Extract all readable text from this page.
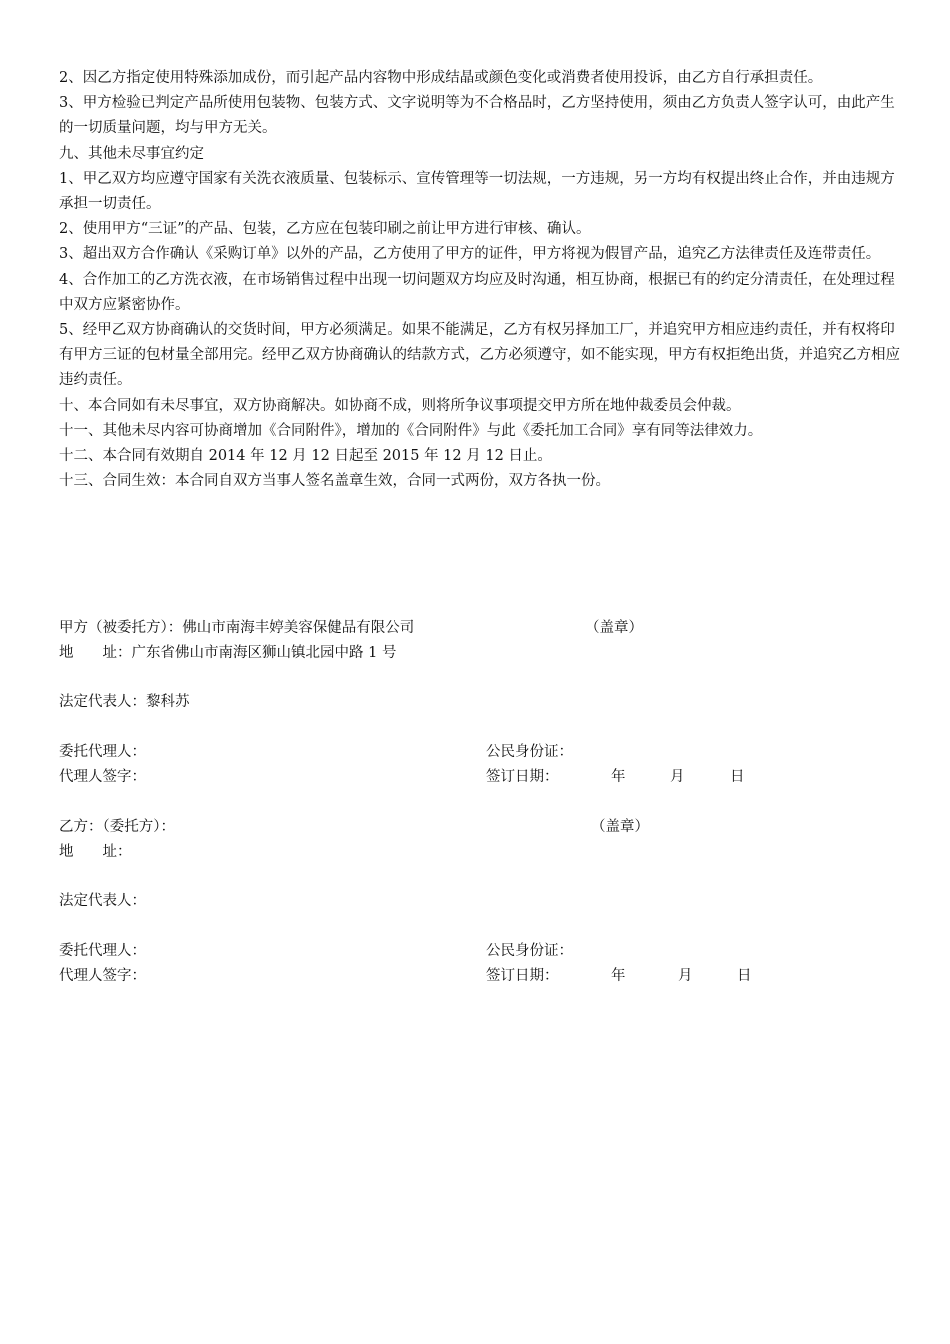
2、因乙方指定使用特殊添加成份，而引起产品内容物中形成结晶或颜色变化或消费者使用投诉，由乙方自行承担责任。

3、甲方检验已判定产品所使用包装物、包装方式、文字说明等为不合格品时，乙方坚持使用，须由乙方负责人签字认可，由此产生的一切质量问题，均与甲方无关。

九、其他未尽事宜约定

1、甲乙双方均应遵守国家有关洗衣液质量、包装标示、宣传管理等一切法规，一方违规，另一方均有权提出终止合作，并由违规方承担一切责任。

2、使用甲方“三证”的产品、包装，乙方应在包装印刷之前让甲方进行审核、确认。

3、超出双方合作确认《采购订单》以外的产品，乙方使用了甲方的证件，甲方将视为假冒产品，追究乙方法律责任及连带责任。

4、合作加工的乙方洗衣液，在市场销售过程中出现一切问题双方均应及时沟通，相互协商，根据已有的约定分清责任，在处理过程中双方应紧密协作。

5、经甲乙双方协商确认的交货时间，甲方必须满足。如果不能满足，乙方有权另择加工厂，并追究甲方相应违约责任，并有权将印有甲方三证的包材量全部用完。经甲乙双方协商确认的结款方式，乙方必须遵守，如不能实现，甲方有权拒绝出货，并追究乙方相应违约责任。

十、本合同如有未尽事宜，双方协商解决。如协商不成，则将所争议事项提交甲方所在地仲裁委员会仲裁。

十一、其他未尽内容可协商增加《合同附件》，增加的《合同附件》与此《委托加工合同》享有同等法律效力。

十二、本合同有效期自 2014 年 12 月 12 日起至 2015 年 12 月 12 日止。

十三、合同生效：本合同自双方当事人签名盖章生效，合同一式两份，双方各执一份。

甲方（被委托方）：佛山市南海丰婷美容保健品有限公司	（盖章）
地　　址：广东省佛山市南海区狮山镇北园中路 1 号
法定代表人：黎科苏
委托代理人：	公民身份证：
代理人签字：	签订日期：	年	月	日
乙方：（委托方）：	（盖章）
地　　址：
法定代表人：
委托代理人：	公民身份证：
代理人签字：	签订日期：	年	月	日
